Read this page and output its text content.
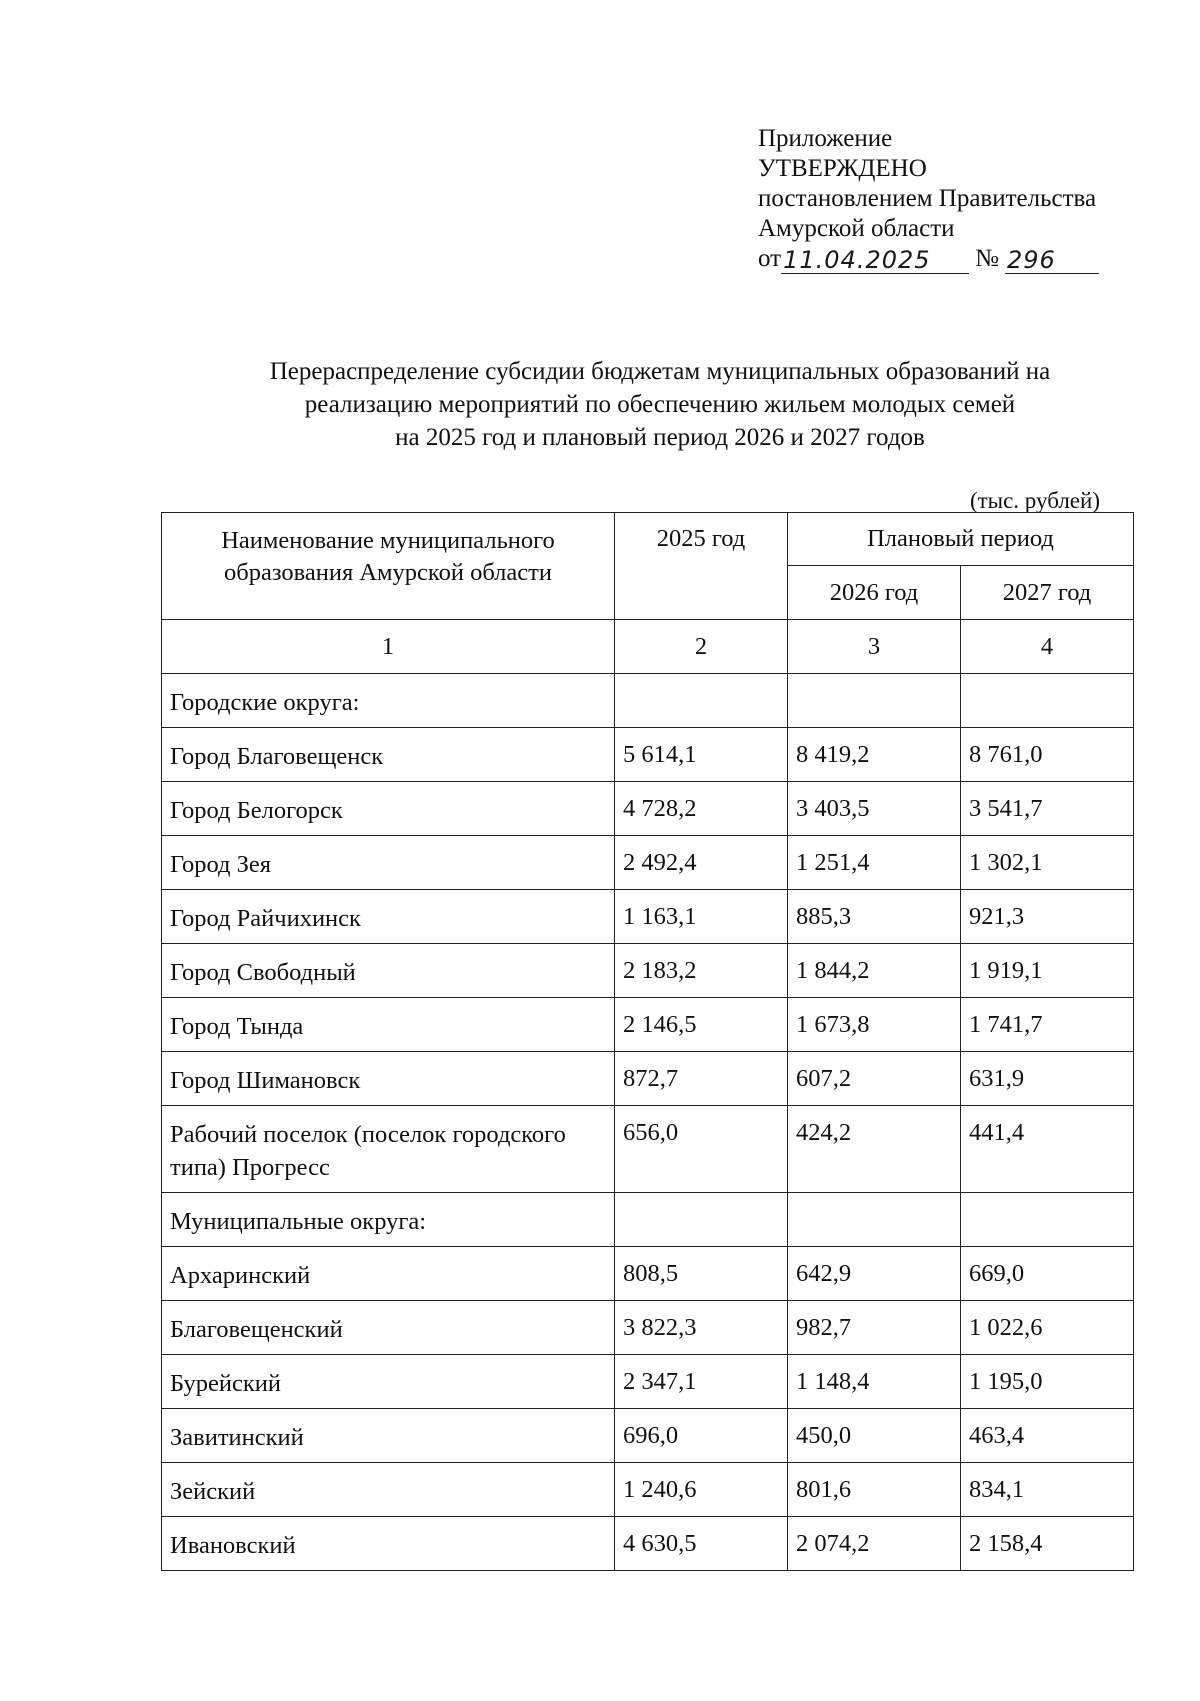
Приложение
УТВЕРЖДЕНО
постановлением Правительства
Амурской области
от 11.04.2025	№ 296
Перераспределение субсидии бюджетам муниципальных образований на
реализацию мероприятий по обеспечению жильем молодых семей
на 2025 год и плановый период 2026 и 2027 годов
(тыс. рублей)
Наименование муниципального образования Амурской области	2025 год	Плановый период	
		2026 год	2027 год
1	2	3	4
Городские округа:			
Город Благовещенск	5 614,1	8 419,2	8 761,0
Город Белогорск	4 728,2	3 403,5	3 541,7
Город Зея	2 492,4	1 251,4	1 302,1
Город Райчихинск	1 163,1	885,3	921,3
Город Свободный	2 183,2	1 844,2	1 919,1
Город Тында	2 146,5	1 673,8	1 741,7
Город Шимановск	872,7	607,2	631,9
Рабочий поселок (поселок городского типа) Прогресс	656,0	424,2	441,4
Муниципальные округа:			
Архаринский	808,5	642,9	669,0
Благовещенский	3 822,3	982,7	1 022,6
Бурейский	2 347,1	1 148,4	1 195,0
Завитинский	696,0	450,0	463,4
Зейский	1 240,6	801,6	834,1
Ивановский	4 630,5	2 074,2	2 158,4
